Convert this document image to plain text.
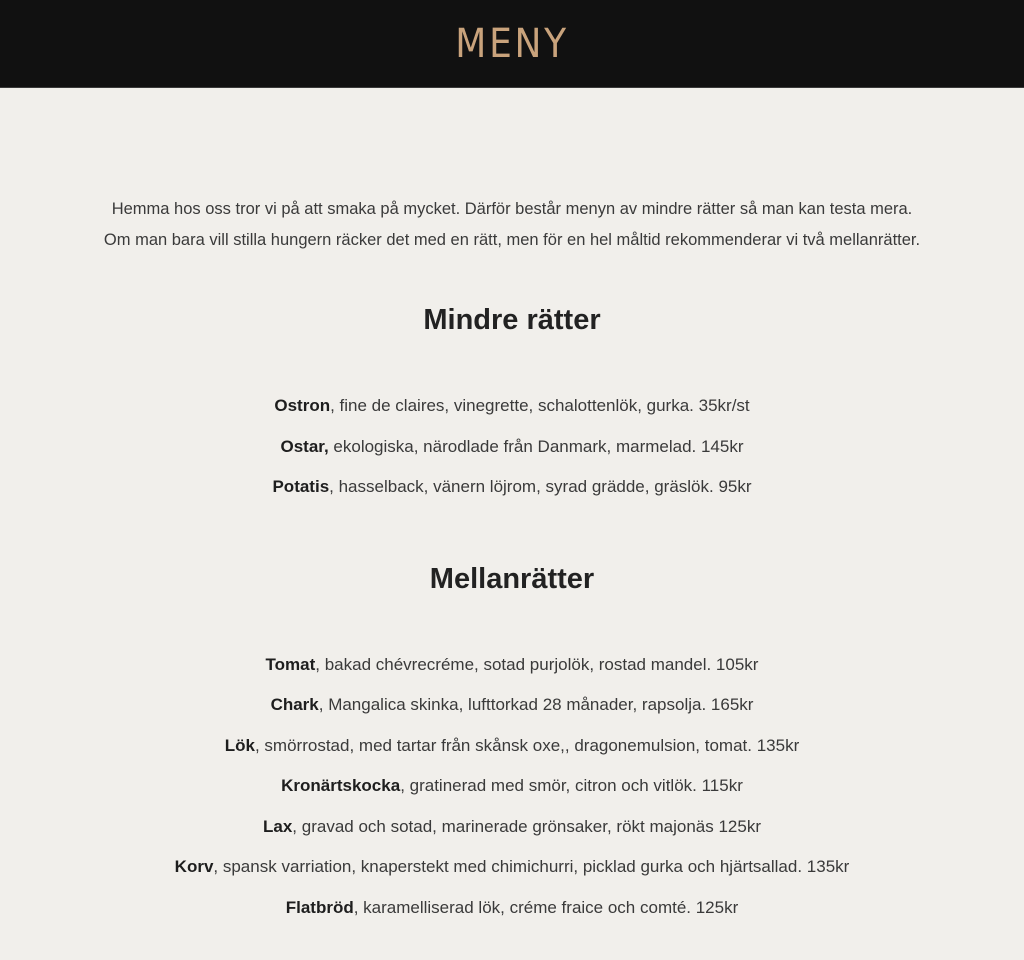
MENY

Hemma hos oss tror vi på att smaka på mycket. Därför består menyn av mindre rätter så man kan testa mera.

Om man bara vill stilla hungern räcker det med en rätt, men för en hel måltid rekommenderar vi två mellanrätter.

Mindre rätter
Ostron, fine de claires, vinegrette, schalottenlök, gurka. 35kr/st
Ostar, ekologiska, närodlade från Danmark, marmelad. 145kr
Potatis, hasselback, vänern löjrom, syrad grädde, gräslök. 95kr
Mellanrätter
Tomat, bakad chévrecréme, sotad purjolök, rostad mandel. 105kr
Chark, Mangalica skinka, lufttorkad 28 månader, rapsolja. 165kr
Lök, smörrostad, med tartar från skånsk oxe,, dragonemulsion, tomat. 135kr
Kronärtskocka, gratinerad med smör, citron och vitlök. 115kr
Lax, gravad och sotad, marinerade grönsaker, rökt majonäs 125kr
Korv, spansk varriation, knaperstekt med chimichurri, picklad gurka och hjärtsallad. 135kr
Flatbröd, karamelliserad lök, créme fraice och comté. 125kr
